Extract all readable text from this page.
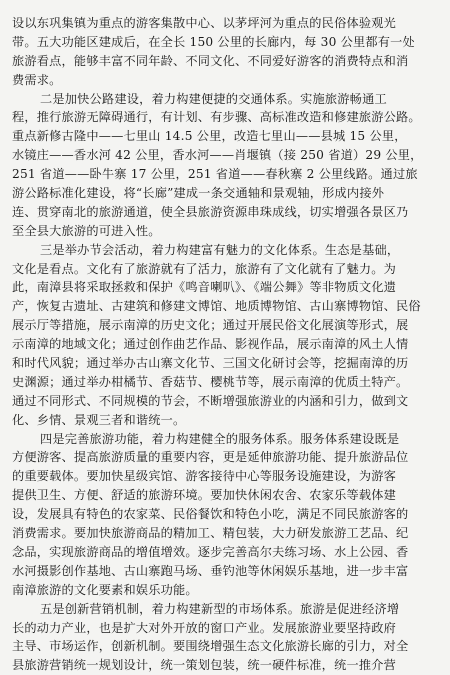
设以东巩集镇为重点的游客集散中心、以茅坪河为重点的民俗体验观光
带。五大功能区建成后，在全长 150 公里的长廊内，每 30 公里都有一处
旅游看点，能够丰富不同年龄、不同文化、不同爱好游客的消费特点和消
费需求。
二是加快公路建设，着力构建便捷的交通体系。实施旅游畅通工
程，推行旅游无障碍通行，有计划、有步骤、高标准改造和修建旅游公路。
重点新修古隆中——七里山 14.5 公里，改造七里山——县城 15 公里，
水镜庄——香水河 42 公里，香水河——肖堰镇（接 250 省道）29 公里，
251 省道——卧牛寨 17 公里，251 省道——春秋寨 2 公里线路。通过旅
游公路标准化建设，将“长廊”建成一条交通轴和景观轴，形成内接外
连、贯穿南北的旅游通道，使全县旅游资源串珠成线，切实增强各景区乃
至全县大旅游的可进入性。
三是举办节会活动，着力构建富有魅力的文化体系。生态是基础，
文化是看点。文化有了旅游就有了活力，旅游有了文化就有了魅力。为
此，南漳县将采取拯救和保护《鸣音喇叭》、《端公舞》等非物质文化遗
产，恢复古遗址、古建筑和修建文博馆、地质博物馆、古山寨博物馆、民俗
展示厅等措施，展示南漳的历史文化；通过开展民俗文化展演等形式，展
示南漳的地域文化；通过创作曲艺作品、影视作品，展示南漳的风土人情
和时代风貌；通过举办古山寨文化节、三国文化研讨会等，挖掘南漳的历
史渊源；通过举办柑橘节、香菇节、樱桃节等，展示南漳的优质土特产。
通过不同形式、不同规模的节会，不断增强旅游业的内涵和引力，做到文
化、乡情、景观三者和谐统一。
四是完善旅游功能，着力构建健全的服务体系。服务体系建设既是
方便游客、提高旅游质量的重要内容，更是延伸旅游功能、提升旅游品位
的重要载体。要加快星级宾馆、游客接待中心等服务设施建设，为游客
提供卫生、方便、舒适的旅游环境。要加快休闲农舍、农家乐等载体建
设，发展具有特色的农家菜、民俗餐饮和特色小吃，满足不同民旅游客的
消费需求。要加快旅游商品的精加工、精包装，大力研发旅游工艺品、纪
念品，实现旅游商品的增值增效。逐步完善高尔夫练习场、水上公园、香
水河摄影创作基地、古山寨跑马场、垂钓池等休闲娱乐基地，进一步丰富
南漳旅游的文化要素和娱乐功能。
五是创新营销机制，着力构建新型的市场体系。旅游是促进经济增
长的动力产业，也是扩大对外开放的窗口产业。发展旅游业要坚持政府
主导、市场运作，创新机制。要围绕增强生态文化旅游长廊的引力，对全
县旅游营销统一规划设计，统一策划包装，统一硬件标准，统一推介营
